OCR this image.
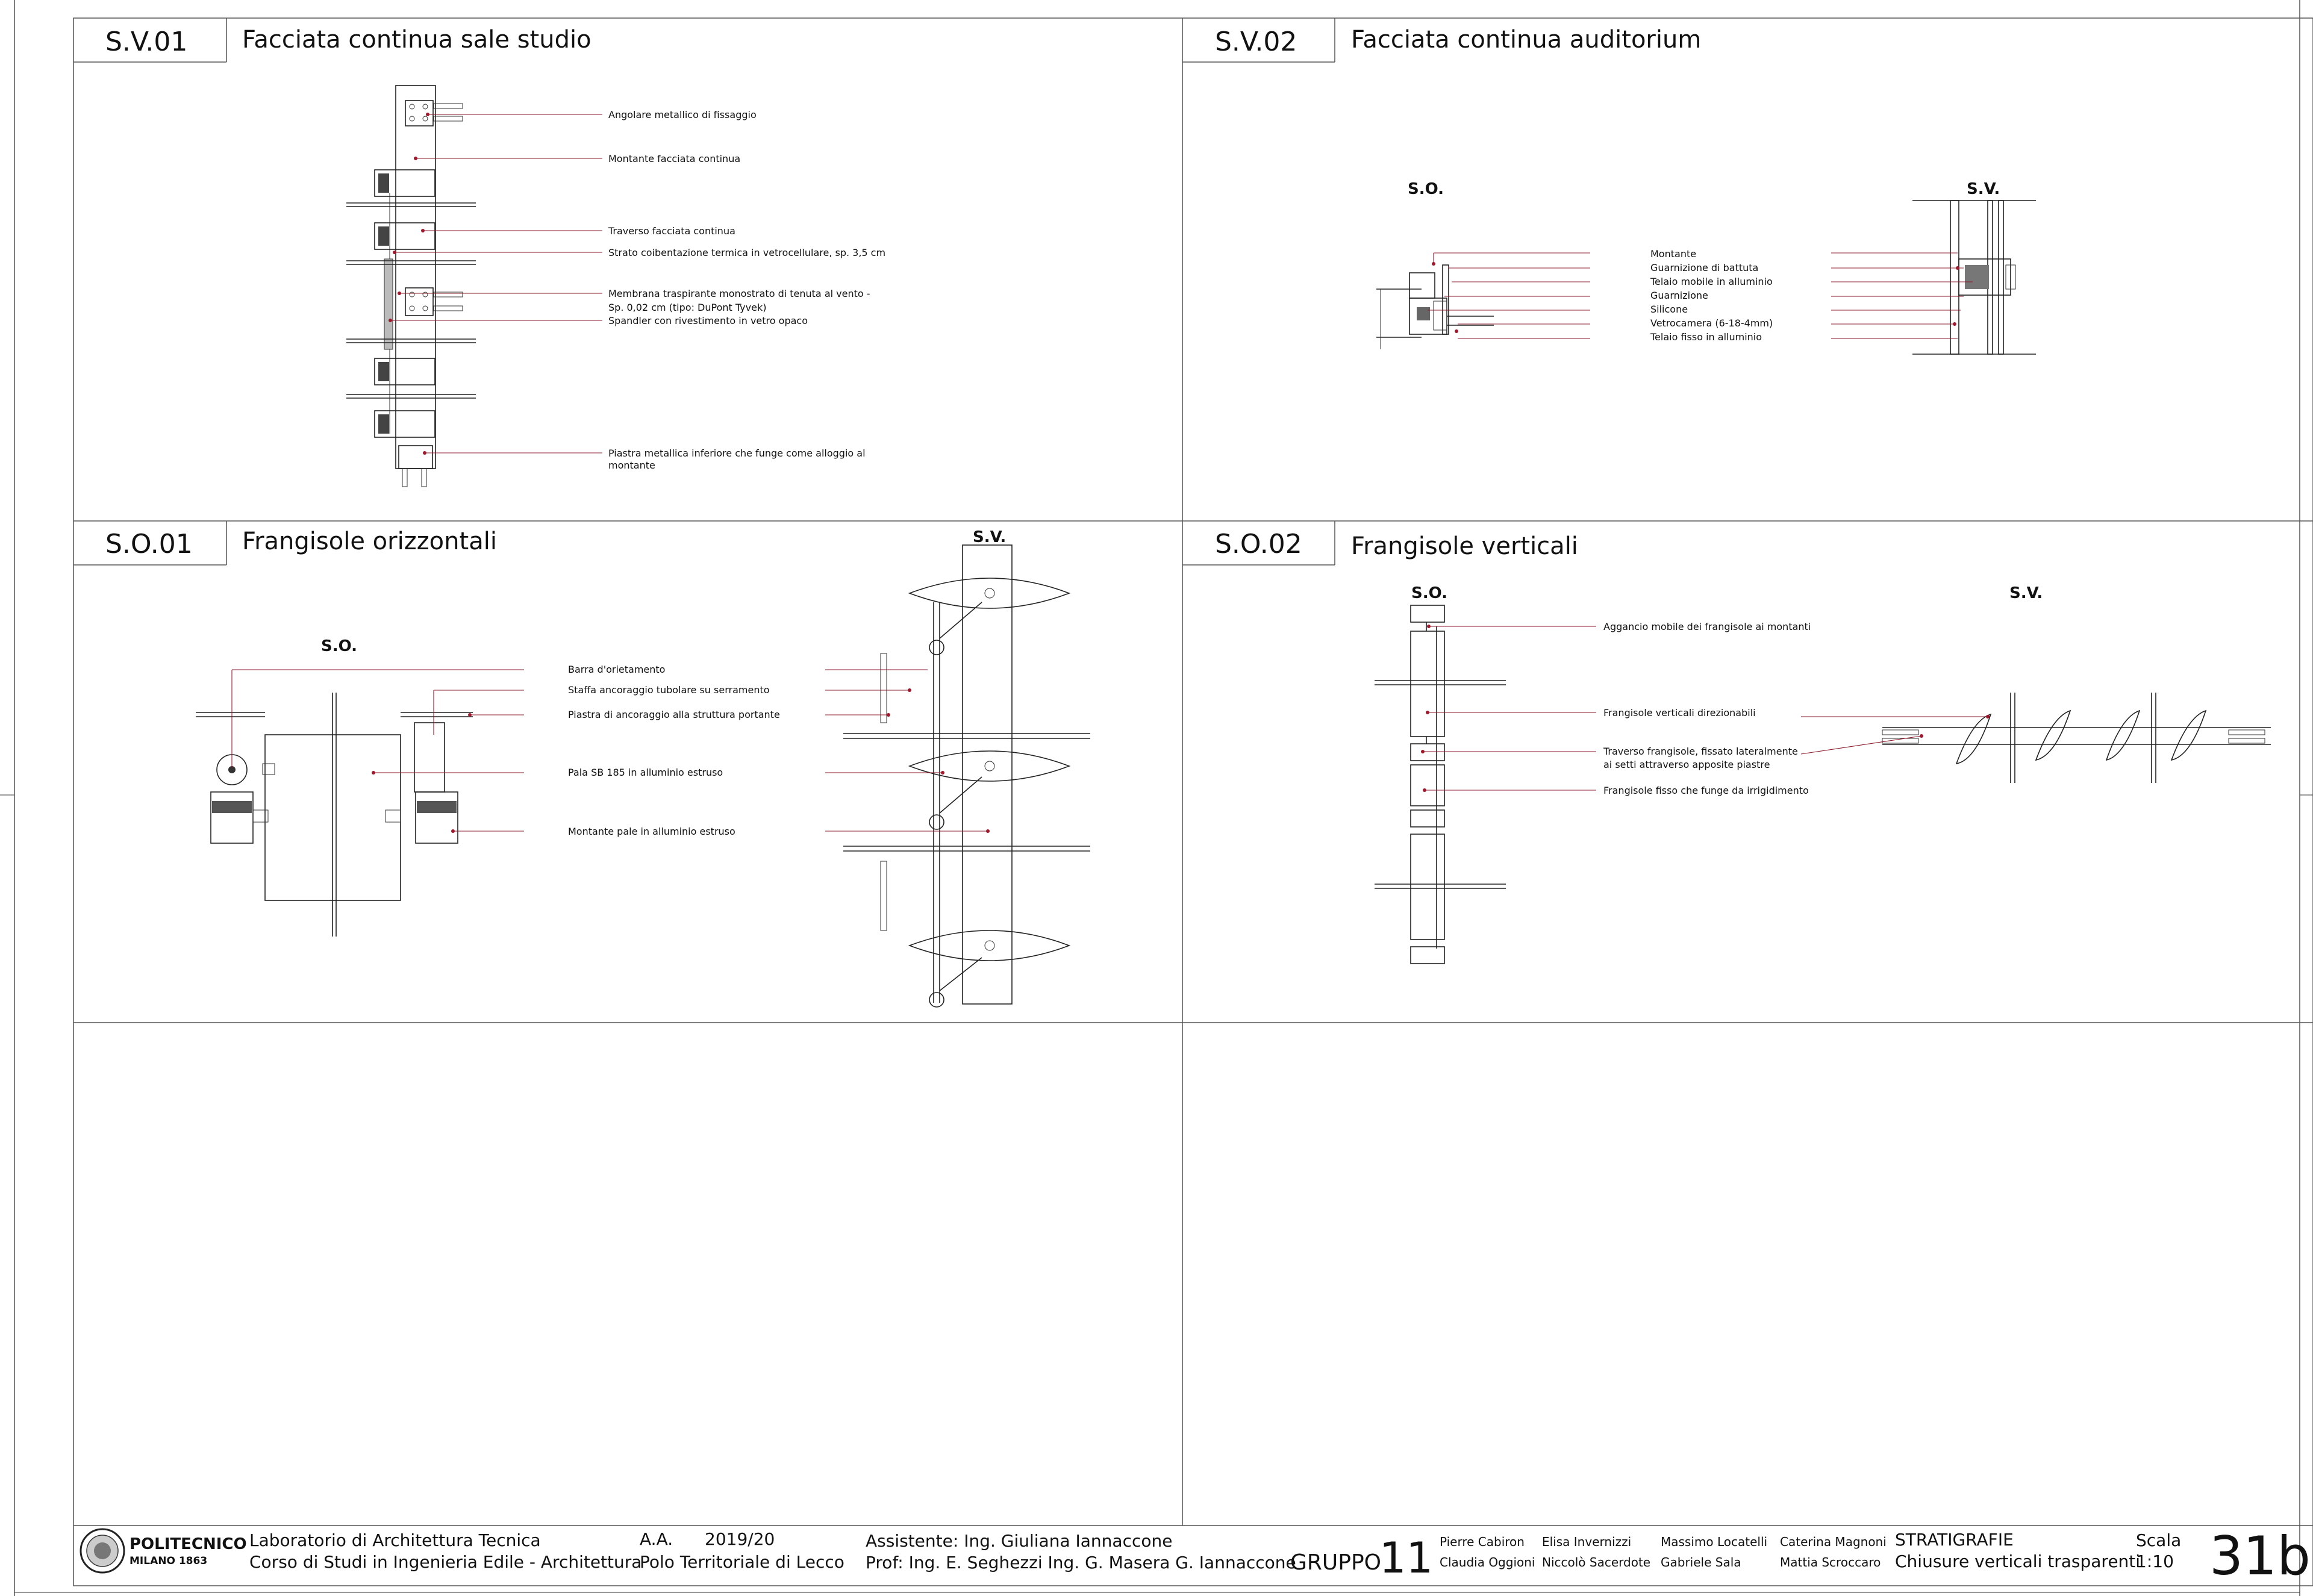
S.V.01 Facciata continua sale studio	S.V.02 Facciata continua auditorium
S.O.01 Frangisole orizzontali	S.O.02 Frangisole verticali
Angolare metallico di fissaggio
Montante facciata continua
Traverso facciata continua
Strato coibentazione termica in vetrocellulare, sp. 3,5 cm
Membrana traspirante monostrato di tenuta al vento -
Sp. 0,02 cm (tipo: DuPont Tyvek)
Spandler con rivestimento in vetro opaco
Piastra metallica inferiore che funge come alloggio al
montante
S.O.	S.V.
Montante
Guarnizione di battuta
Telaio mobile in alluminio
Guarnizione
Silicone
Vetrocamera (6-18-4mm)
Telaio fisso in alluminio
S.O.
S.V.
Barra d'orietamento
Staffa ancoraggio tubolare su serramento
Piastra di ancoraggio alla struttura portante
Pala SB 185 in alluminio estruso
Montante pale in alluminio estruso
S.O.	S.V.
Aggancio mobile dei frangisole ai montanti
Frangisole verticali direzionabili
Traverso frangisole, fissato lateralmente
ai setti attraverso apposite piastre
Frangisole fisso che funge da irrigidimento
POLITECNICO
MILANO 1863
Laboratorio di Architettura Tecnica
Corso di Studi in Ingenieria Edile - Architettura
A.A. 2019/20
Polo Territoriale di Lecco
Assistente: Ing. Giuliana Iannaccone
Prof: Ing. E. Seghezzi Ing. G. Masera G. Iannaccone
GRUPPO
11 Pierre Cabiron Elisa Invernizzi Massimo Locatelli Caterina Magnoni
Claudia Oggioni Niccolò Sacerdote Gabriele Sala	Mattia Scroccaro
STRATIGRAFIE
Chiusure verticali trasparenti
Scala
1:10 31b
